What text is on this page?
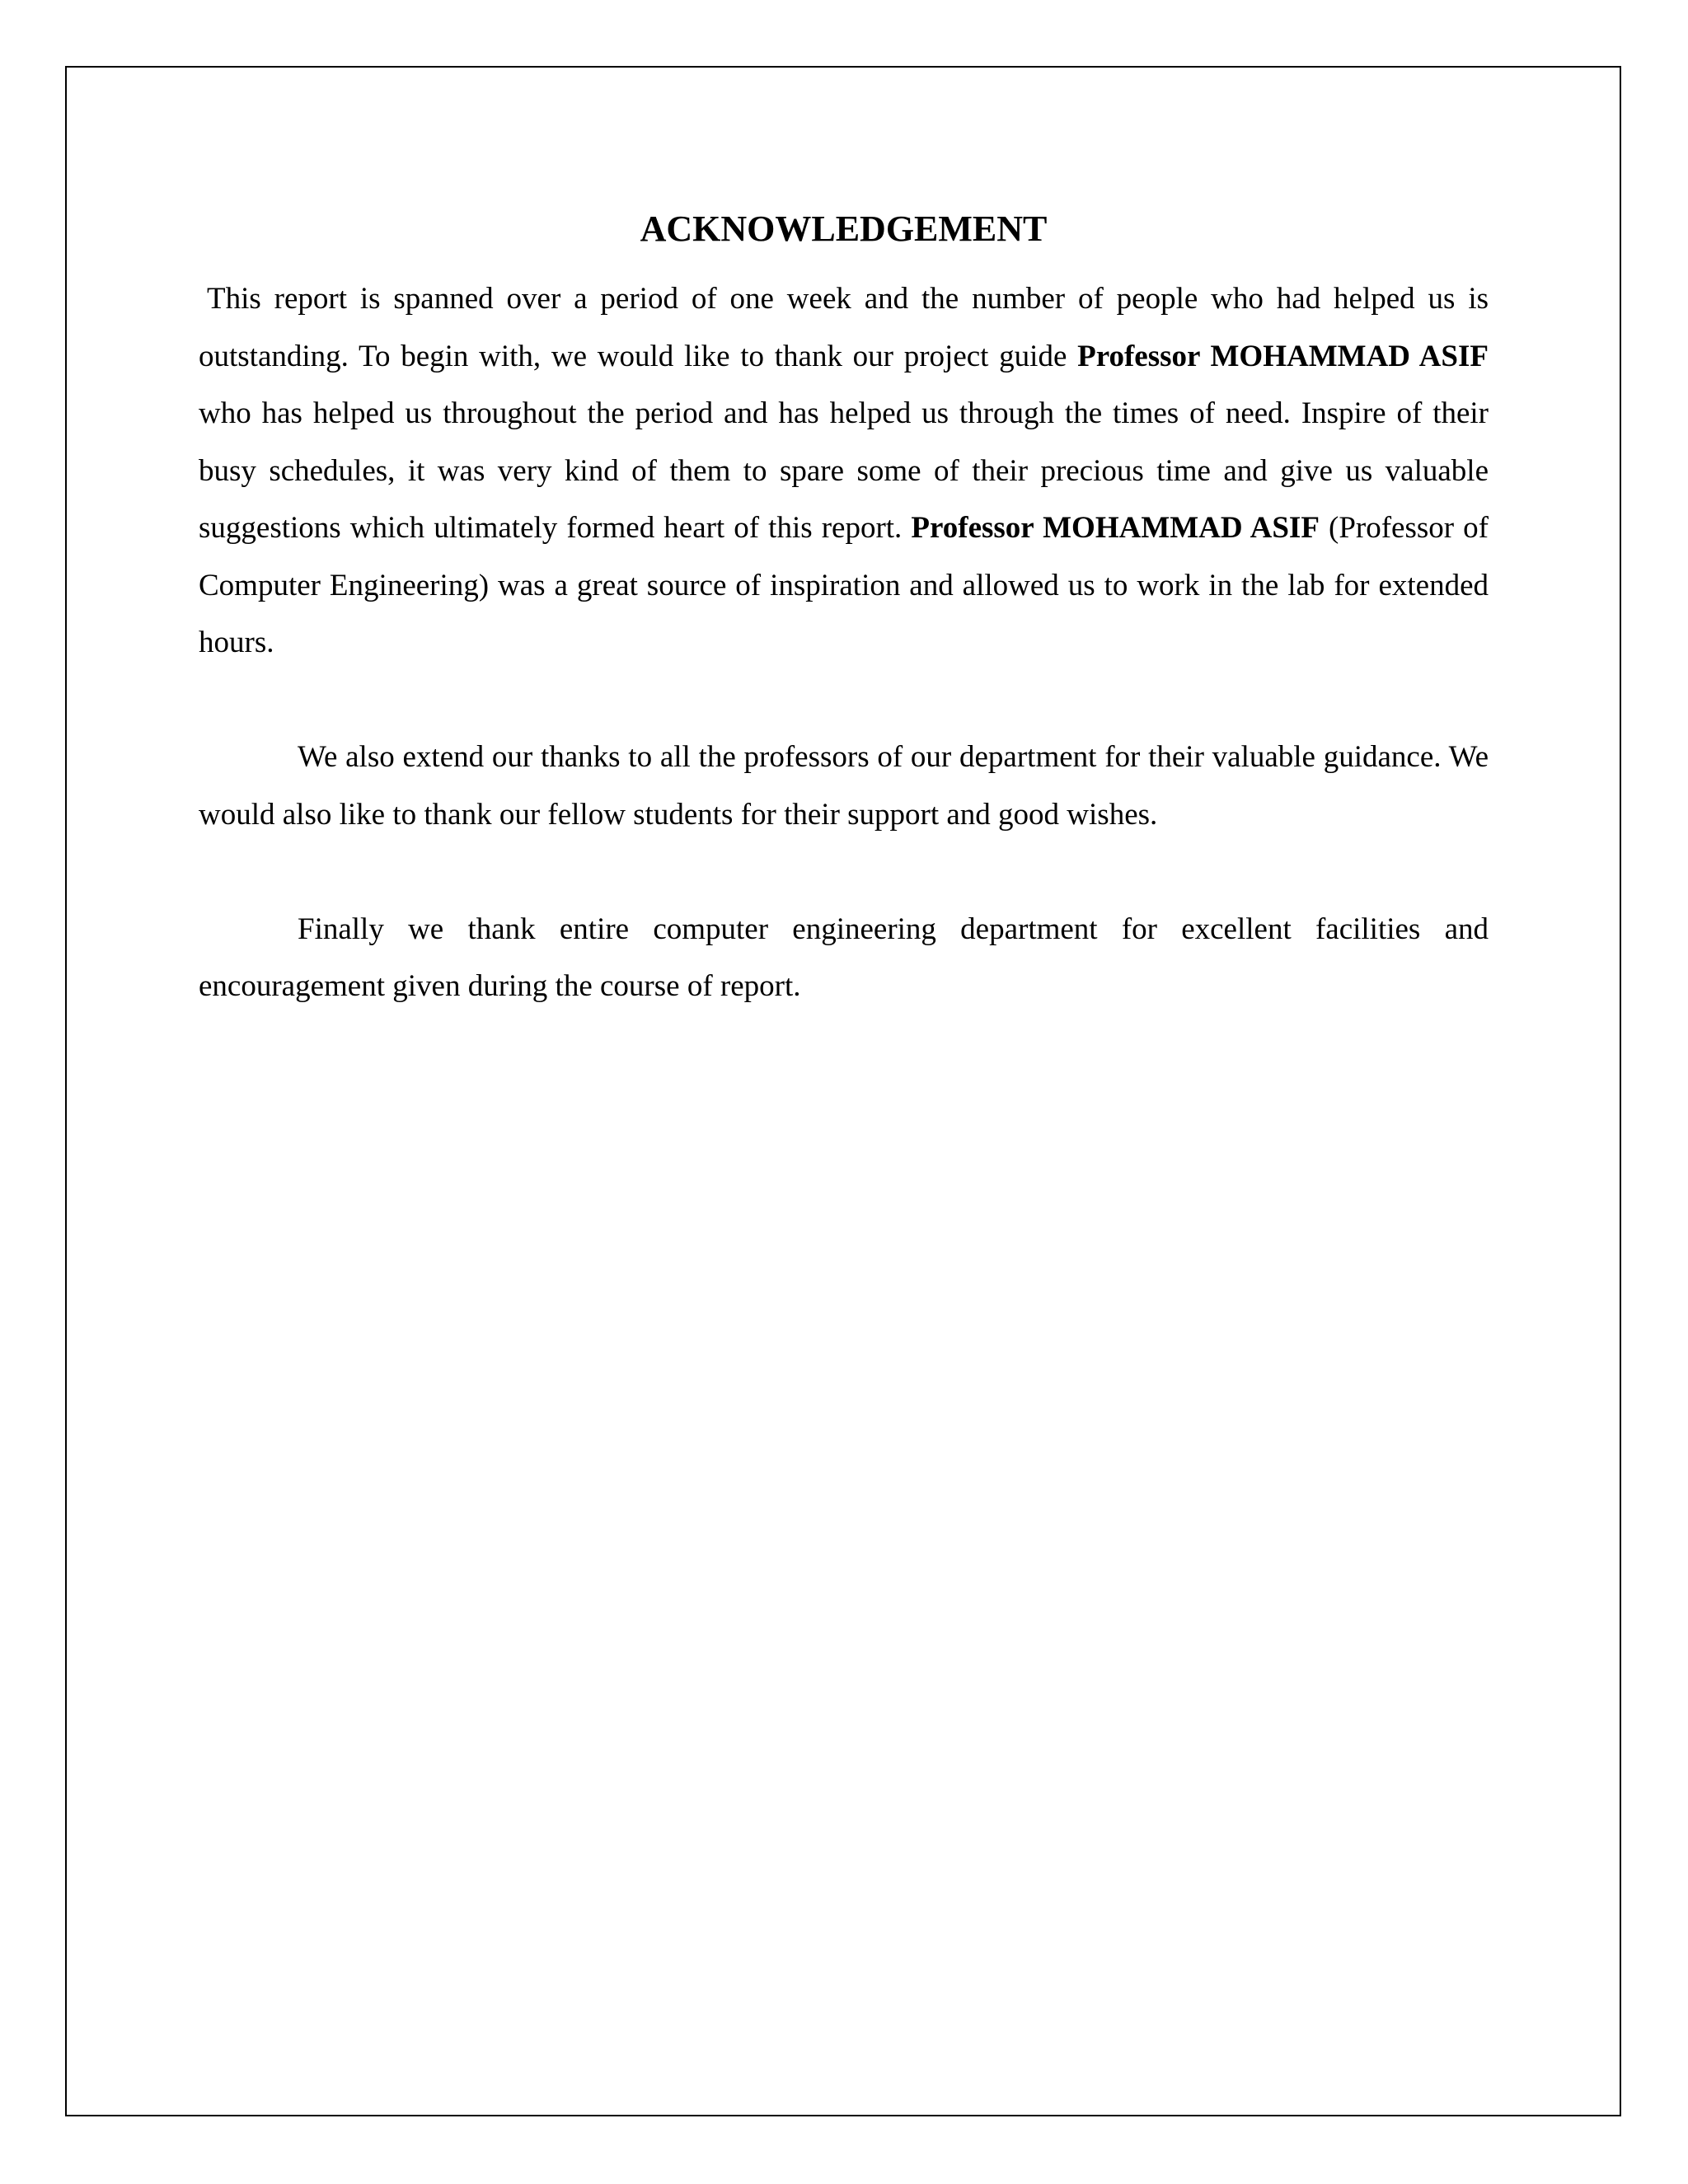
ACKNOWLEDGEMENT

This report is spanned over a period of one week and the number of people who had helped us is outstanding. To begin with, we would like to thank our project guide Professor MOHAMMAD ASIF who has helped us throughout the period and has helped us through the times of need. Inspire of their busy schedules, it was very kind of them to spare some of their precious time and give us valuable suggestions which ultimately formed heart of this report. Professor MOHAMMAD ASIF (Professor of Computer Engineering) was a great source of inspiration and allowed us to work in the lab for extended hours.

We also extend our thanks to all the professors of our department for their valuable guidance. We would also like to thank our fellow students for their support and good wishes.

Finally we thank entire computer engineering department for excellent facilities and encouragement given during the course of report.
